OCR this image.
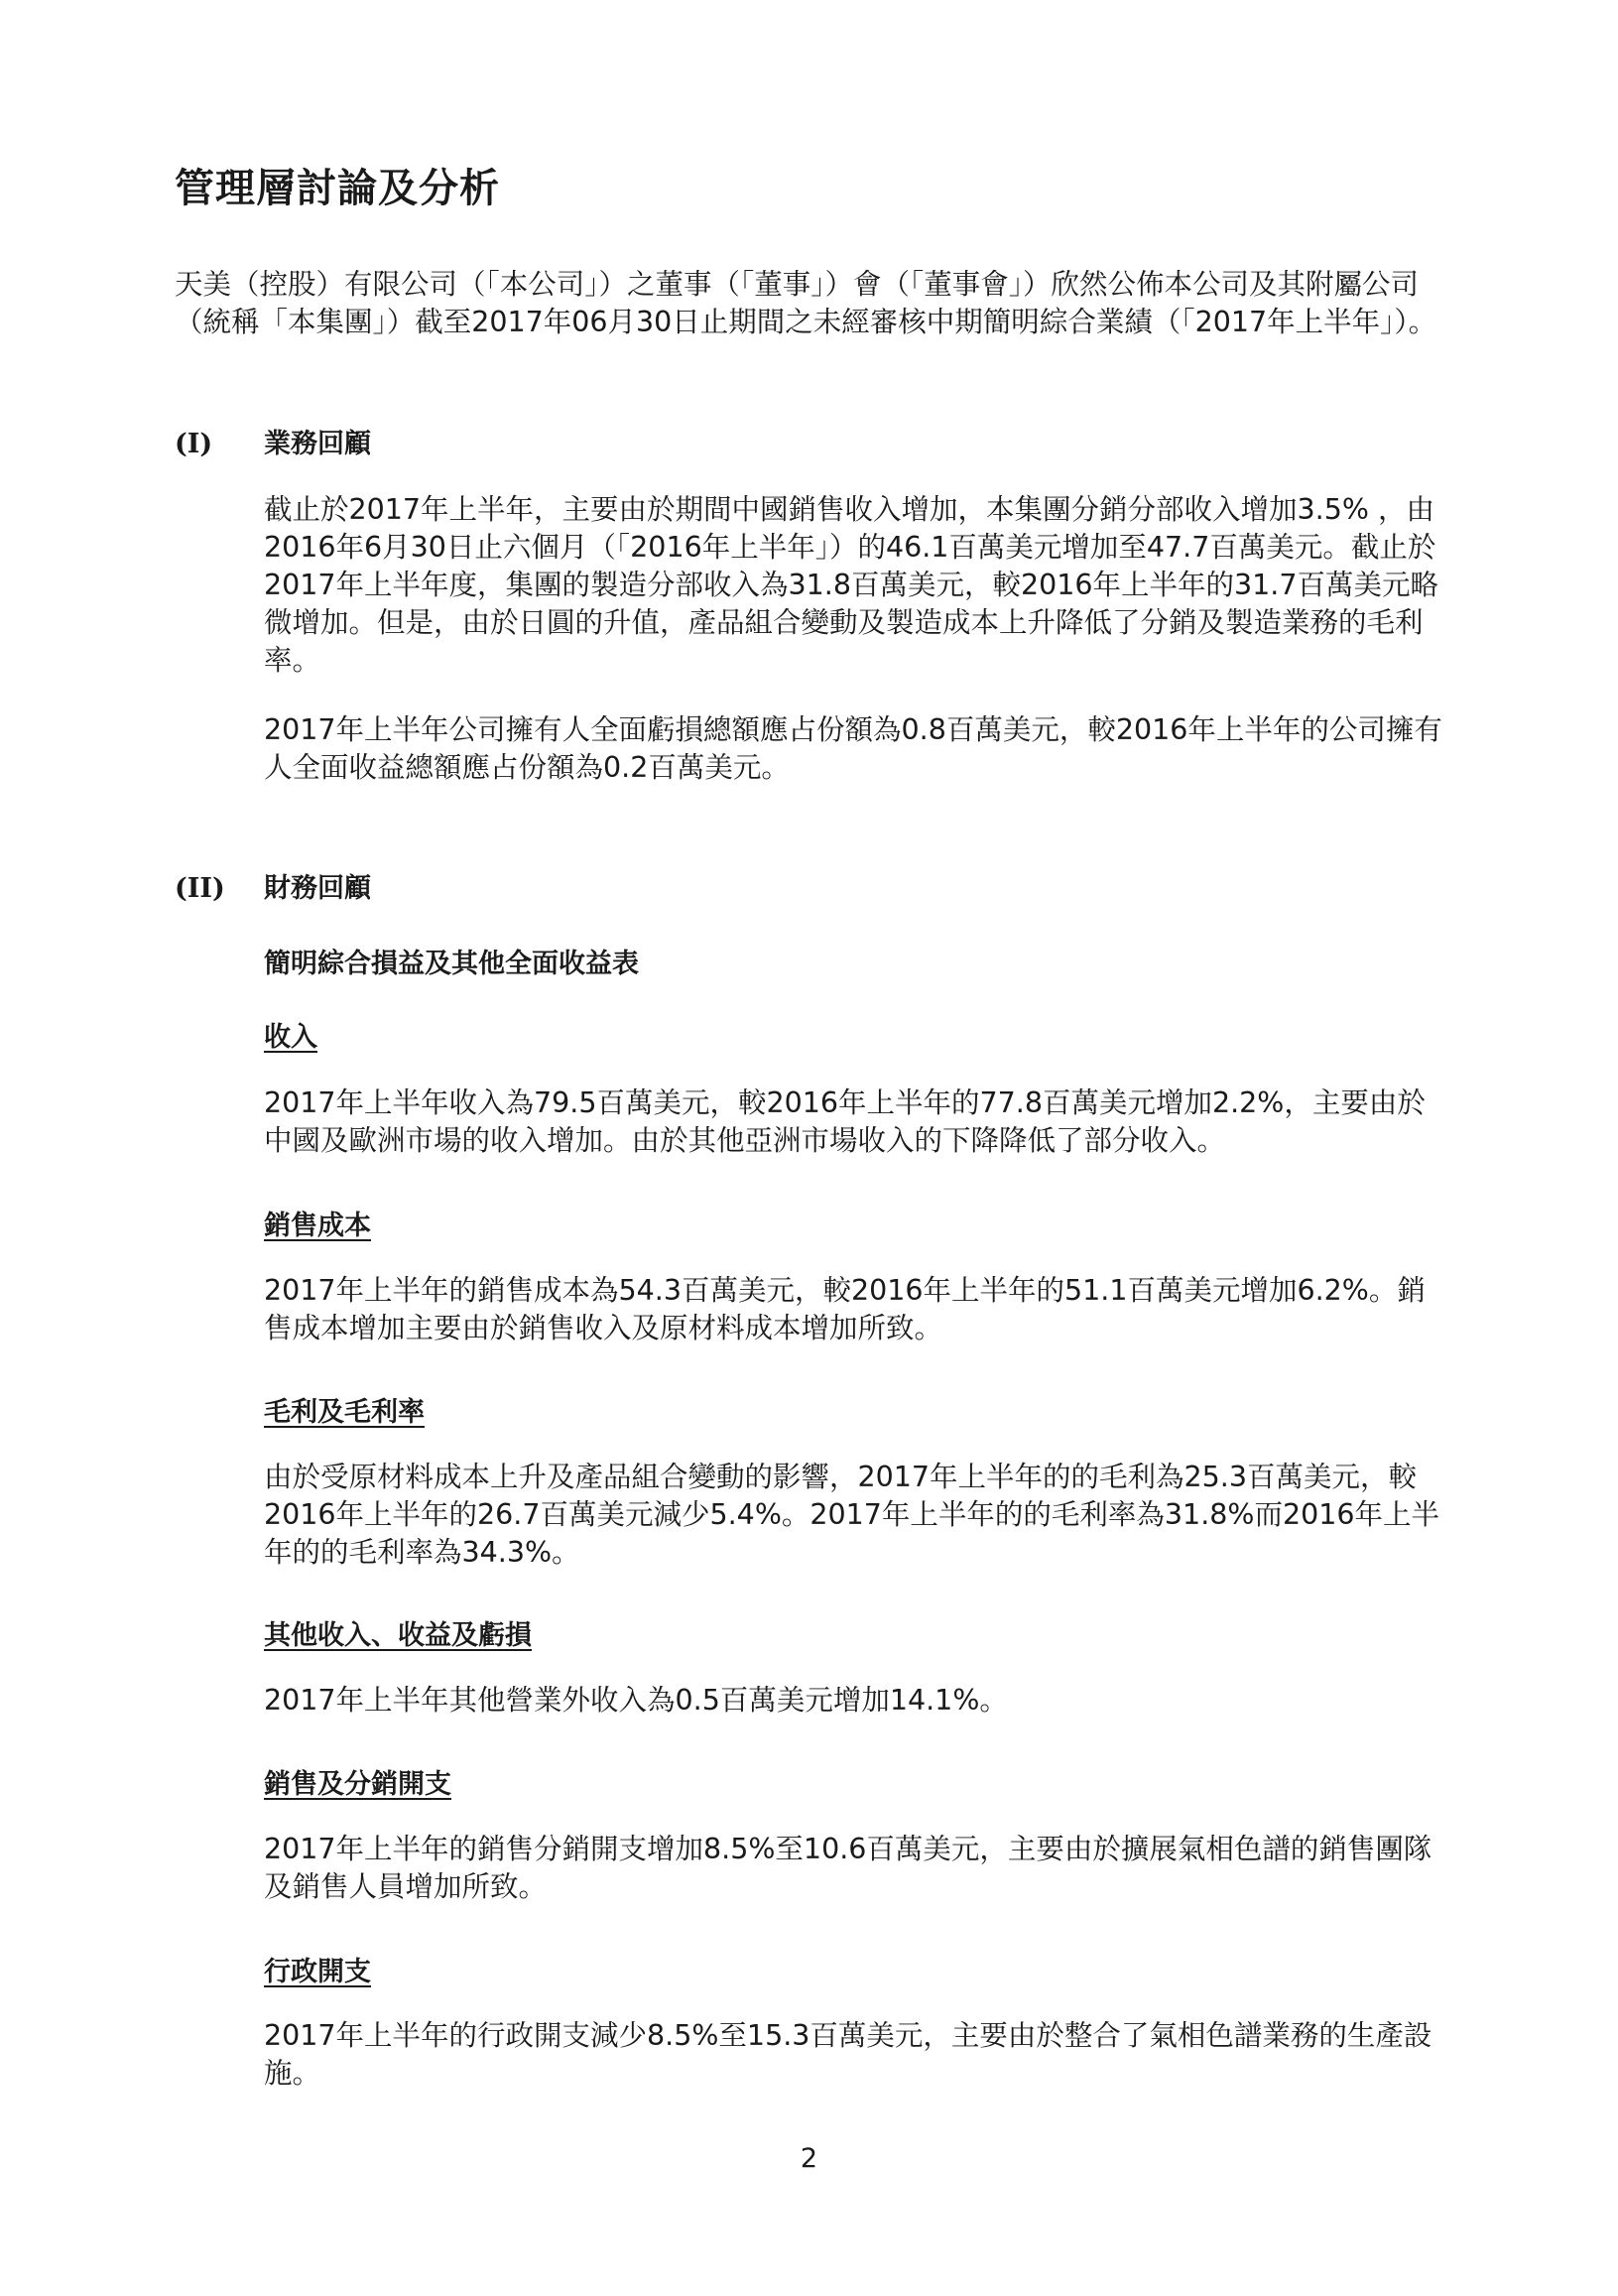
管理層討論及分析

天美（控股）有限公司（「本公司」）之董事（「董事」）會（「董事會」）欣然公佈本公司及其附屬公司（統稱「本集團」）截至2017年06月30日止期間之未經審核中期簡明綜合業績（「2017年上半年」）。

(I) 業務回顧

截止於2017年上半年，主要由於期間中國銷售收入增加，本集團分銷分部收入增加3.5% ，由2016年6月30日止六個月（「2016年上半年」）的46.1百萬美元增加至47.7百萬美元。截止於2017年上半年度，集團的製造分部收入為31.8百萬美元，較2016年上半年的31.7百萬美元略微增加。但是，由於日圓的升值，產品組合變動及製造成本上升降低了分銷及製造業務的毛利率。

2017年上半年公司擁有人全面虧損總額應占份額為0.8百萬美元，較2016年上半年的公司擁有人全面收益總額應占份額為0.2百萬美元。

(II) 財務回顧
簡明綜合損益及其他全面收益表
收入

2017年上半年收入為79.5百萬美元，較2016年上半年的77.8百萬美元增加2.2%，主要由於中國及歐洲市場的收入增加。由於其他亞洲市場收入的下降降低了部分收入。

銷售成本

2017年上半年的銷售成本為54.3百萬美元，較2016年上半年的51.1百萬美元增加6.2%。銷售成本增加主要由於銷售收入及原材料成本增加所致。

毛利及毛利率

由於受原材料成本上升及產品組合變動的影響，2017年上半年的的毛利為25.3百萬美元，較2016年上半年的26.7百萬美元減少5.4%。2017年上半年的的毛利率為31.8%而2016年上半年的的毛利率為34.3%。

其他收入、收益及虧損

2017年上半年其他營業外收入為0.5百萬美元增加14.1%。

銷售及分銷開支

2017年上半年的銷售分銷開支增加8.5%至10.6百萬美元，主要由於擴展氣相色譜的銷售團隊及銷售人員增加所致。

行政開支

2017年上半年的行政開支減少8.5%至15.3百萬美元，主要由於整合了氣相色譜業務的生產設施。

2
